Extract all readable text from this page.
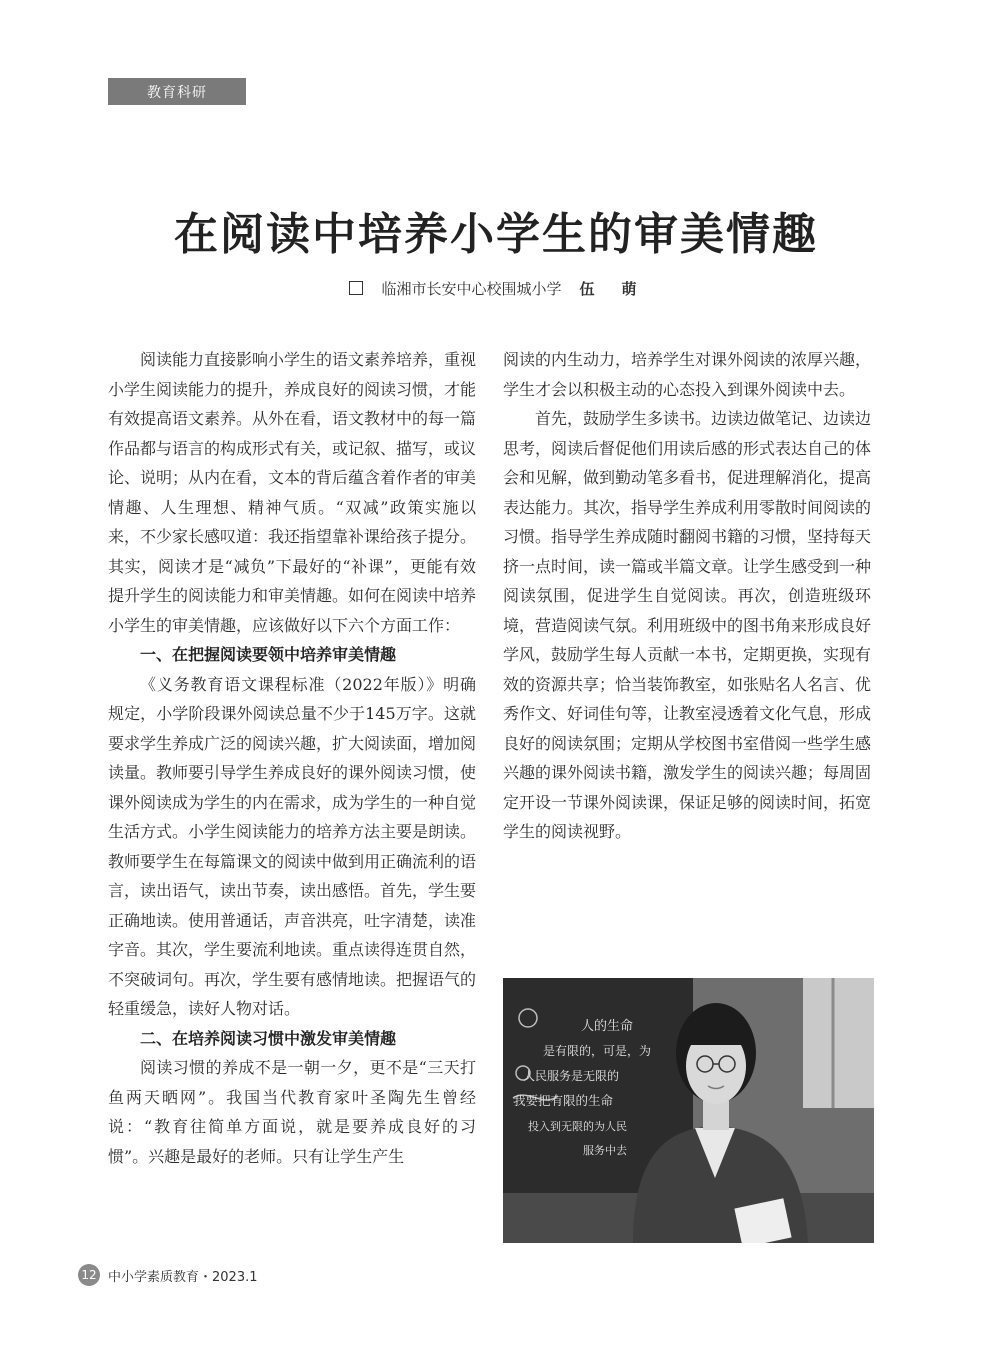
教育科研
在阅读中培养小学生的审美情趣
临湘市长安中心校围城小学 伍　萌

阅读能力直接影响小学生的语文素养培养，重视小学生阅读能力的提升，养成良好的阅读习惯，才能有效提高语文素养。从外在看，语文教材中的每一篇作品都与语言的构成形式有关，或记叙、描写，或议论、说明；从内在看，文本的背后蕴含着作者的审美情趣、人生理想、精神气质。“双减”政策实施以来，不少家长感叹道：我还指望靠补课给孩子提分。其实，阅读才是“减负”下最好的“补课”，更能有效提升学生的阅读能力和审美情趣。如何在阅读中培养小学生的审美情趣，应该做好以下六个方面工作：

一、在把握阅读要领中培养审美情趣

《义务教育语文课程标准（2022年版）》明确规定，小学阶段课外阅读总量不少于145万字。这就要求学生养成广泛的阅读兴趣，扩大阅读面，增加阅读量。教师要引导学生养成良好的课外阅读习惯，使课外阅读成为学生的内在需求，成为学生的一种自觉生活方式。小学生阅读能力的培养方法主要是朗读。教师要学生在每篇课文的阅读中做到用正确流利的语言，读出语气，读出节奏，读出感悟。首先，学生要正确地读。使用普通话，声音洪亮，吐字清楚，读准字音。其次，学生要流利地读。重点读得连贯自然，不突破词句。再次，学生要有感情地读。把握语气的轻重缓急，读好人物对话。

二、在培养阅读习惯中激发审美情趣

阅读习惯的养成不是一朝一夕，更不是“三天打鱼两天晒网”。我国当代教育家叶圣陶先生曾经说：“教育往简单方面说，就是要养成良好的习惯”。兴趣是最好的老师。只有让学生产生

阅读的内生动力，培养学生对课外阅读的浓厚兴趣，学生才会以积极主动的心态投入到课外阅读中去。

首先，鼓励学生多读书。边读边做笔记、边读边思考，阅读后督促他们用读后感的形式表达自己的体会和见解，做到勤动笔多看书，促进理解消化，提高表达能力。其次，指导学生养成利用零散时间阅读的习惯。指导学生养成随时翻阅书籍的习惯，坚持每天挤一点时间，读一篇或半篇文章。让学生感受到一种阅读氛围，促进学生自觉阅读。再次，创造班级环境，营造阅读气氛。利用班级中的图书角来形成良好学风，鼓励学生每人贡献一本书，定期更换，实现有效的资源共享；恰当装饰教室，如张贴名人名言、优秀作文、好词佳句等，让教室浸透着文化气息，形成良好的阅读氛围；定期从学校图书室借阅一些学生感兴趣的课外阅读书籍，激发学生的阅读兴趣；每周固定开设一节课外阅读课，保证足够的阅读时间，拓宽学生的阅读视野。

人的生命
是有限的，可是，为
人民服务是无限的
我要把有限的生命
投入到无限的为人民
服务中去
12 中小学素质教育・2023.1
